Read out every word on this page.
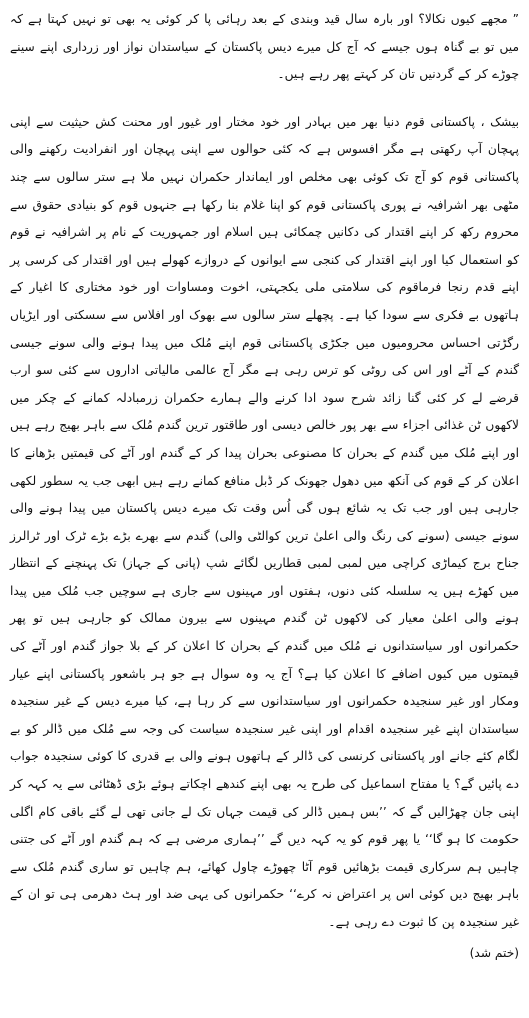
” مجھے کیوں نکالا؟ اور بارہ سال قید وبندی کے بعد رہائی پا کر کوئی یہ بھی تو نہیں کہتا ہے کہ میں تو بے گناہ ہوں جیسے کہ آج کل میرے دیس پاکستان کے سیاستدان نواز اور زرداری اپنے سینے چوڑے کر کے گردنیں تان کر کہتے پھر رہے ہیں۔

بیشک ، پاکستانی قوم دنیا بھر میں بہادر اور خود مختار اور غیور اور محنت کش حیثیت سے اپنی پہچان آپ رکھتی ہے مگر افسوس ہے کہ کئی حوالوں سے اپنی پہچان اور انفرادیت رکھنے والی پاکستانی قوم کو آج تک کوئی بھی مخلص اور ایماندار حکمران نہیں ملا ہے ستر سالوں سے چند مٹھی بھر اشرافیہ نے پوری پاکستانی قوم کو اپنا غلام بنا رکھا ہے جنہوں قوم کو بنیادی حقوق سے محروم رکھ کر اپنے اقتدار کی دکانیں چمکائی ہیں اسلام اور جمہوریت کے نام پر اشرافیہ نے قوم کو استعمال کیا اور اپنے اقتدار کی کنجی سے ایوانوں کے دروازے کھولے ہیں اور اقتدار کی کرسی پر اپنے قدم رنجا فرماقوم کی سلامتی ملی یکجہتی، اخوت ومساوات اور خود مختاری کا اغیار کے ہاتھوں بے فکری سے سودا کیا ہے۔ پچھلے ستر سالوں سے بھوک اور افلاس سے سسکتی اور ایڑیاں رگڑتی احساس محرومیوں میں جکڑی پاکستانی قوم اپنے مُلک میں پیدا ہونے والی سونے جیسی گندم کے آٹے اور اس کی روٹی کو ترس رہی ہے مگر آج عالمی مالیاتی اداروں سے کئی سو ارب قرضے لے کر کئی گنا زائد شرح سود ادا کرنے والے ہمارے حکمران زرمبادلہ کمانے کے چکر میں لاکھوں ٹن غذائی اجزاء سے بھر پور خالص دیسی اور طاقتور ترین گندم مُلک سے باہر بھیج رہے ہیں اور اپنے مُلک میں گندم کے بحران کا مصنوعی بحران پیدا کر کے گندم اور آٹے کی قیمتیں بڑھانے کا اعلان کر کے قوم کی آنکھ میں دھول جھونک کر ڈبل منافع کمانے رہے ہیں ابھی جب یہ سطور لکھی جارہی ہیں اور جب تک یہ شائع ہوں گی اُس وقت تک میرے دیس پاکستان میں پیدا ہونے والی سونے جیسی (سونے کی رنگ والی اعلیٰ ترین کوالٹی والی) گندم سے بھرے بڑے بڑے ٹرک اور ٹرالرز جناح برج کیماڑی کراچی میں لمبی لمبی قطاریں لگائے شپ (پانی کے جہاز) تک پہنچنے کے انتظار میں کھڑے ہیں یہ سلسلہ کئی دنوں، ہفتوں اور مہینوں سے جاری ہے سوچیں جب مُلک میں پیدا ہونے والی اعلیٰ معیار کی لاکھوں ٹن گندم مہینوں سے بیرون ممالک کو جارہی ہیں تو پھر حکمرانوں اور سیاستدانوں نے مُلک میں گندم کے بحران کا اعلان کر کے بلا جواز گندم اور آٹے کی قیمتوں میں کیوں اضافے کا اعلان کیا ہے؟ آج یہ وہ سوال ہے جو ہر باشعور پاکستانی اپنے عیار ومکار اور غیر سنجیدہ حکمرانوں اور سیاستدانوں سے کر رہا ہے، کیا میرے دیس کے غیر سنجیدہ سیاستدان اپنے غیر سنجیدہ اقدام اور اپنی غیر سنجیدہ سیاست کی وجہ سے مُلک میں ڈالر کو بے لگام کئے جانے اور پاکستانی کرنسی کی ڈالر کے ہاتھوں ہونے والی بے قدری کا کوئی سنجیدہ جواب دے پائیں گے؟ یا مفتاح اسماعیل کی طرح یہ بھی اپنے کندھے اچکاتے ہوئے بڑی ڈھٹائی سے یہ کہہ کر اپنی جان چھڑالیں گے کہ ’’بس ہمیں ڈالر کی قیمت جہاں تک لے جانی تھی لے گئے باقی کام اگلی حکومت کا ہو گا‘‘ یا پھر قوم کو یہ کہہ دیں گے ’’ہماری مرضی ہے کہ ہم گندم اور آٹے کی جتنی چاہیں ہم سرکاری قیمت بڑھائیں قوم آٹا چھوڑے چاول کھائے، ہم چاہیں تو ساری گندم مُلک سے باہر بھیج دیں کوئی اس پر اعتراض نہ کرے‘‘ حکمرانوں کی یہی ضد اور ہٹ دھرمی ہی تو ان کے غیر سنجیدہ پن کا ثبوت دے رہی ہے۔

(ختم شد)
